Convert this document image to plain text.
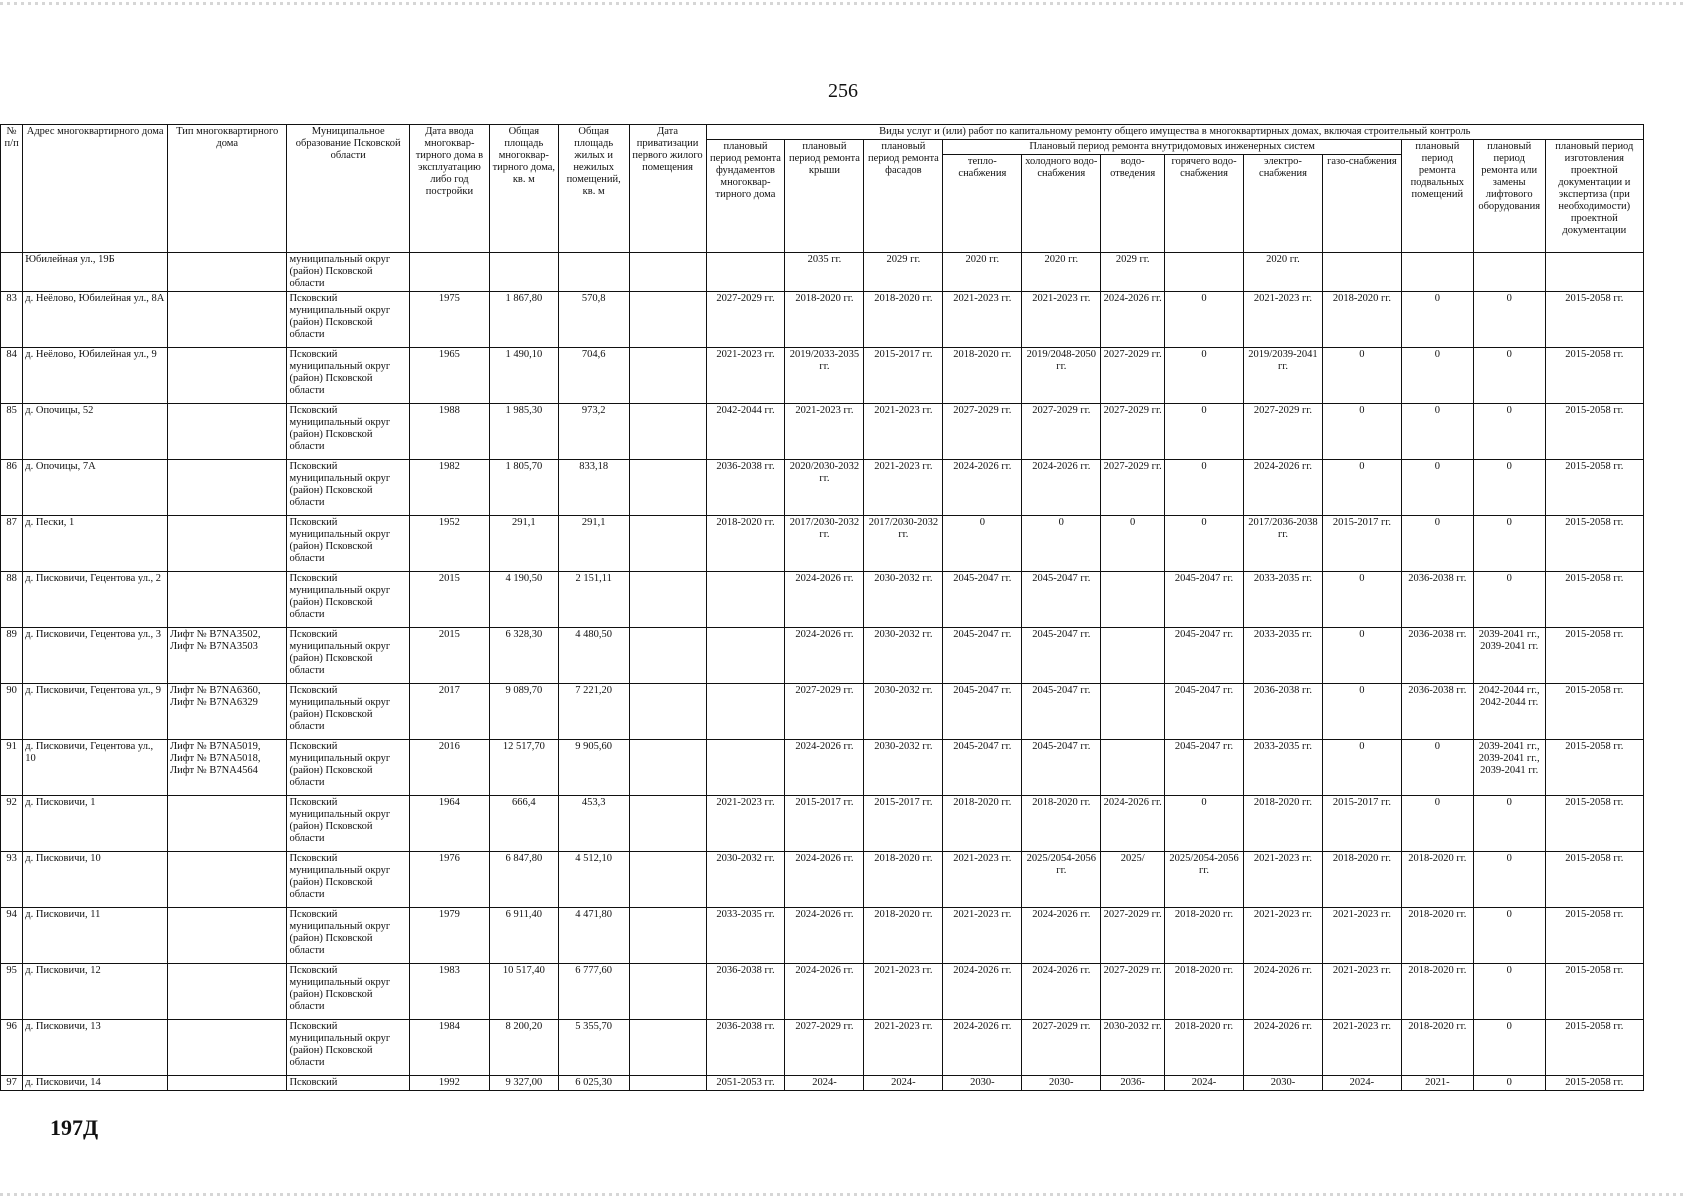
256
№ п/п	Адрес многоквартирного дома	Тип многоквартирного дома	Муниципальное образование Псковской области	Дата ввода многоквар-тирного дома в эксплуатацию либо год постройки	Общая площадь многоквар-тирного дома, кв. м	Общая площадь жилых и нежилых помещений, кв. м	Дата приватизации первого жилого помещения	Виды услуг и (или) работ по капитальному ремонту общего имущества в многоквартирных домах, включая строительный контроль											
								плановый период ремонта фундаментов многоквар-тирного дома	плановый период ремонта крыши	плановый период ремонта фасадов	Плановый период ремонта внутридомовых инженерных систем						плановый период ремонта подвальных помещений	плановый период ремонта или замены лифтового оборудования	плановый период изготовления проектной документации и экспертиза (при необходимости) проектной документации
											тепло-снабжения	холодного водо-снабжения	водо-отведения	горячего водо-снабжения	электро-снабжения	газо-снабжения			
	Юбилейная ул., 19Б		муниципальный округ (район) Псковской области						2035 гг.	2029 гг.	2020 гг.	2020 гг.	2029 гг.		2020 гг.				
83	д. Неёлово, Юбилейная ул., 8А		Псковский муниципальный округ (район) Псковской области	1975	1 867,80	570,8		2027-2029 гг.	2018-2020 гг.	2018-2020 гг.	2021-2023 гг.	2021-2023 гг.	2024-2026 гг.	0	2021-2023 гг.	2018-2020 гг.	0	0	2015-2058 гг.
84	д. Неёлово, Юбилейная ул., 9		Псковский муниципальный округ (район) Псковской области	1965	1 490,10	704,6		2021-2023 гг.	2019/2033-2035 гг.	2015-2017 гг.	2018-2020 гг.	2019/2048-2050 гг.	2027-2029 гг.	0	2019/2039-2041 гг.	0	0	0	2015-2058 гг.
85	д. Опочицы, 52		Псковский муниципальный округ (район) Псковской области	1988	1 985,30	973,2		2042-2044 гг.	2021-2023 гг.	2021-2023 гг.	2027-2029 гг.	2027-2029 гг.	2027-2029 гг.	0	2027-2029 гг.	0	0	0	2015-2058 гг.
86	д. Опочицы, 7А		Псковский муниципальный округ (район) Псковской области	1982	1 805,70	833,18		2036-2038 гг.	2020/2030-2032 гг.	2021-2023 гг.	2024-2026 гг.	2024-2026 гг.	2027-2029 гг.	0	2024-2026 гг.	0	0	0	2015-2058 гг.
87	д. Пески, 1		Псковский муниципальный округ (район) Псковской области	1952	291,1	291,1		2018-2020 гг.	2017/2030-2032 гг.	2017/2030-2032 гг.	0	0	0	0	2017/2036-2038 гг.	2015-2017 гг.	0	0	2015-2058 гг.
88	д. Писковичи, Гецентова ул., 2		Псковский муниципальный округ (район) Псковской области	2015	4 190,50	2 151,11			2024-2026 гг.	2030-2032 гг.	2045-2047 гг.	2045-2047 гг.		2045-2047 гг.	2033-2035 гг.	0	2036-2038 гг.	0	2015-2058 гг.
89	д. Писковичи, Гецентова ул., 3	Лифт № B7NA3502, Лифт № B7NA3503	Псковский муниципальный округ (район) Псковской области	2015	6 328,30	4 480,50			2024-2026 гг.	2030-2032 гг.	2045-2047 гг.	2045-2047 гг.		2045-2047 гг.	2033-2035 гг.	0	2036-2038 гг.	2039-2041 гг., 2039-2041 гг.	2015-2058 гг.
90	д. Писковичи, Гецентова ул., 9	Лифт № B7NA6360, Лифт № B7NA6329	Псковский муниципальный округ (район) Псковской области	2017	9 089,70	7 221,20			2027-2029 гг.	2030-2032 гг.	2045-2047 гг.	2045-2047 гг.		2045-2047 гг.	2036-2038 гг.	0	2036-2038 гг.	2042-2044 гг., 2042-2044 гг.	2015-2058 гг.
91	д. Писковичи, Гецентова ул., 10	Лифт № B7NA5019, Лифт № B7NA5018, Лифт № B7NA4564	Псковский муниципальный округ (район) Псковской области	2016	12 517,70	9 905,60			2024-2026 гг.	2030-2032 гг.	2045-2047 гг.	2045-2047 гг.		2045-2047 гг.	2033-2035 гг.	0	0	2039-2041 гг., 2039-2041 гг., 2039-2041 гг.	2015-2058 гг.
92	д. Писковичи, 1		Псковский муниципальный округ (район) Псковской области	1964	666,4	453,3		2021-2023 гг.	2015-2017 гг.	2015-2017 гг.	2018-2020 гг.	2018-2020 гг.	2024-2026 гг.	0	2018-2020 гг.	2015-2017 гг.	0	0	2015-2058 гг.
93	д. Писковичи, 10		Псковский муниципальный округ (район) Псковской области	1976	6 847,80	4 512,10		2030-2032 гг.	2024-2026 гг.	2018-2020 гг.	2021-2023 гг.	2025/2054-2056 гг.	2025/	2025/2054-2056 гг.	2021-2023 гг.	2018-2020 гг.	2018-2020 гг.	0	2015-2058 гг.
94	д. Писковичи, 11		Псковский муниципальный округ (район) Псковской области	1979	6 911,40	4 471,80		2033-2035 гг.	2024-2026 гг.	2018-2020 гг.	2021-2023 гг.	2024-2026 гг.	2027-2029 гг.	2018-2020 гг.	2021-2023 гг.	2021-2023 гг.	2018-2020 гг.	0	2015-2058 гг.
95	д. Писковичи, 12		Псковский муниципальный округ (район) Псковской области	1983	10 517,40	6 777,60		2036-2038 гг.	2024-2026 гг.	2021-2023 гг.	2024-2026 гг.	2024-2026 гг.	2027-2029 гг.	2018-2020 гг.	2024-2026 гг.	2021-2023 гг.	2018-2020 гг.	0	2015-2058 гг.
96	д. Писковичи, 13		Псковский муниципальный округ (район) Псковской области	1984	8 200,20	5 355,70		2036-2038 гг.	2027-2029 гг.	2021-2023 гг.	2024-2026 гг.	2027-2029 гг.	2030-2032 гг.	2018-2020 гг.	2024-2026 гг.	2021-2023 гг.	2018-2020 гг.	0	2015-2058 гг.
97	д. Писковичи, 14		Псковский	1992	9 327,00	6 025,30		2051-2053 гг.	2024-	2024-	2030-	2030-	2036-	2024-	2030-	2024-	2021-	0	2015-2058 гг.
197Д
